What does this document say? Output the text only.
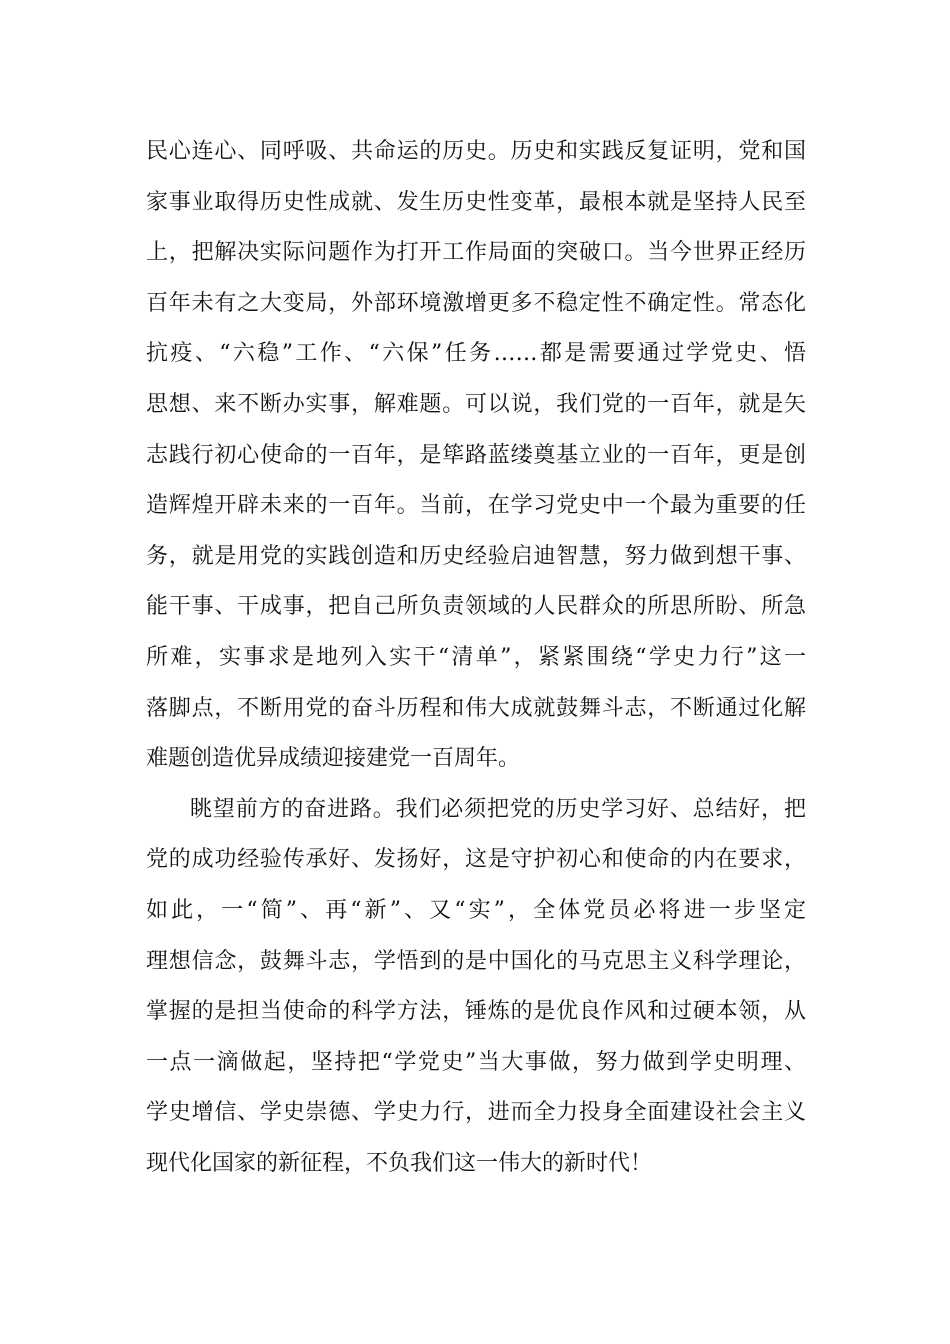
民心连心、同呼吸、共命运的历史。历史和实践反复证明，党和国
家事业取得历史性成就、发生历史性变革，最根本就是坚持人民至
上，把解决实际问题作为打开工作局面的突破口。当今世界正经历
百年未有之大变局，外部环境激增更多不稳定性不确定性。常态化
抗疫、“六稳”工作、“六保”任务……都是需要通过学党史、悟
思想、来不断办实事，解难题。可以说，我们党的一百年，就是矢
志践行初心使命的一百年，是筚路蓝缕奠基立业的一百年，更是创
造辉煌开辟未来的一百年。当前，在学习党史中一个最为重要的任
务，就是用党的实践创造和历史经验启迪智慧，努力做到想干事、
能干事、干成事，把自己所负责领域的人民群众的所思所盼、所急
所难，实事求是地列入实干“清单”，紧紧围绕“学史力行”这一
落脚点，不断用党的奋斗历程和伟大成就鼓舞斗志，不断通过化解
难题创造优异成绩迎接建党一百周年。
眺望前方的奋进路。我们必须把党的历史学习好、总结好，把
党的成功经验传承好、发扬好，这是守护初心和使命的内在要求，
如此，一“简”、再“新”、又“实”，全体党员必将进一步坚定
理想信念，鼓舞斗志，学悟到的是中国化的马克思主义科学理论，
掌握的是担当使命的科学方法，锤炼的是优良作风和过硬本领，从
一点一滴做起，坚持把“学党史”当大事做，努力做到学史明理、
学史增信、学史崇德、学史力行，进而全力投身全面建设社会主义
现代化国家的新征程，不负我们这一伟大的新时代！
